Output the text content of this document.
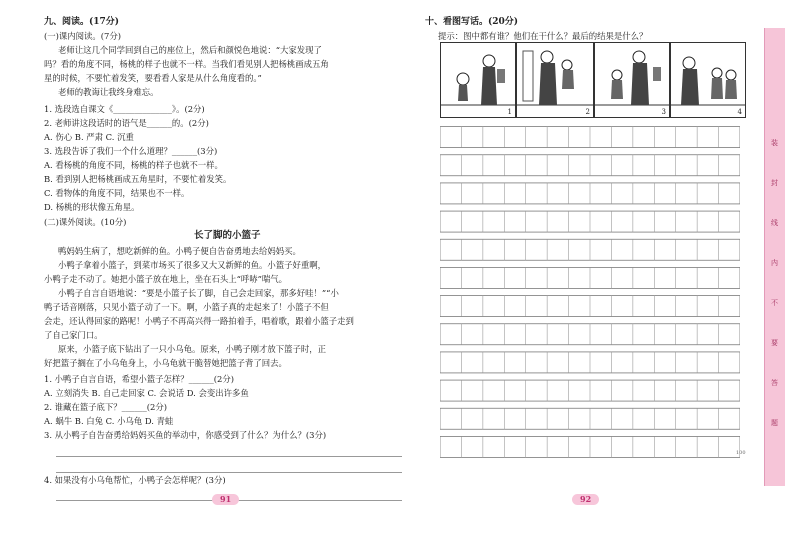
九、阅读。(17分)
(一)课内阅读。(7分)
老师让这几个同学回到自己的座位上，然后和颜悦色地说：“大家发现了
吗？看的角度不同，杨桃的样子也就不一样。当我们看见别人把杨桃画成五角
星的时候，不要忙着发笑，要看看人家是从什么角度看的。”
老师的教诲让我终身难忘。
1. 选段选自课文《______________》。(2分)
2. 老师讲这段话时的语气是______的。(2分)
A. 伤心 B. 严肃 C. 沉重
3. 选段告诉了我们一个什么道理？______(3分)
A. 看杨桃的角度不同，杨桃的样子也就不一样。
B. 看到别人把杨桃画成五角星时，不要忙着发笑。
C. 看物体的角度不同，结果也不一样。
D. 杨桃的形状像五角星。
(二)课外阅读。(10分)
长了脚的小篮子
鸭妈妈生病了，想吃新鲜的鱼。小鸭子便自告奋勇地去给妈妈买。
小鸭子拿着小篮子，到菜市场买了很多又大又新鲜的鱼。小篮子好重啊，
小鸭子走不动了。她把小篮子放在地上，坐在石头上“呼哧”喘气。
小鸭子自言自语地说：“要是小篮子长了脚，自己会走回家，那多好哇！”“小
鸭子话音刚落，只见小篮子动了一下。啊，小篮子真的走起来了！小篮子不但
会走，还认得回家的路呢！小鸭子不再高兴得一路拍着手，唱着歌，跟着小篮子走到
了自己家门口。
原来，小篮子底下钻出了一只小乌龟。原来，小鸭子刚才放下篮子时，正
好把篮子搁在了小乌龟身上，小乌龟就干脆替她把篮子背了回去。
1. 小鸭子自言自语，希望小篮子怎样？______(2分)
A. 立刻消失 B. 自己走回家 C. 会说话 D. 会变出许多鱼
2. 谁藏在篮子底下？______(2分)
A. 蜗牛 B. 白兔 C. 小乌龟 D. 青蛙
3. 从小鸭子自告奋勇给妈妈买鱼的举动中，你感受到了什么？为什么？(3分)
4. 如果没有小乌龟帮忙，小鸭子会怎样呢？(3分)
91
十、看图写话。(20分)
提示：图中都有谁？他们在干什么？最后的结果是什么？
1	2	3	4
100
92
装
封
线
内
不
要
答
题
